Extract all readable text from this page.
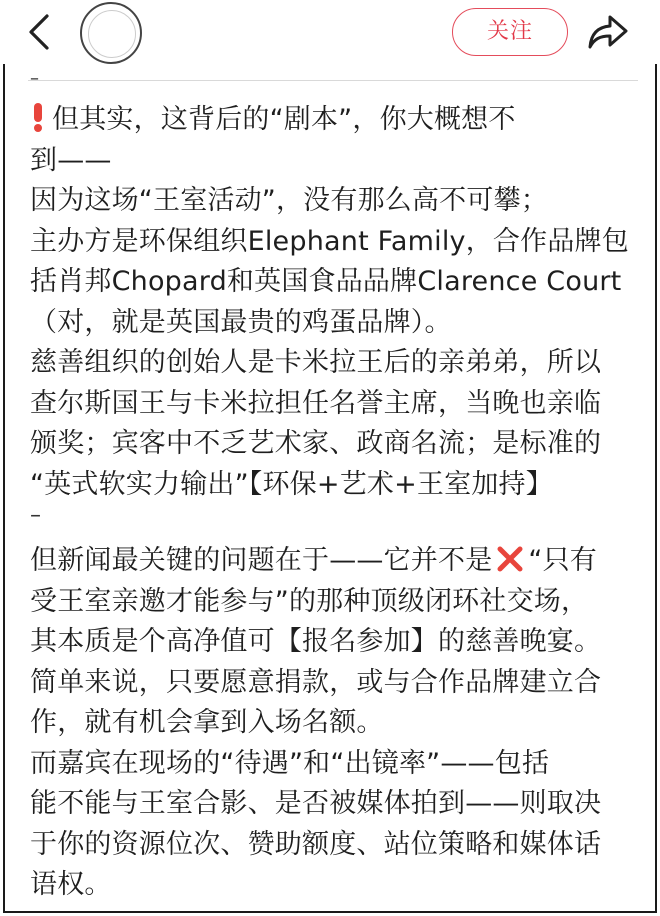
关注
–
但其实，这背后的“剧本”，你大概想不
到——
因为这场“王室活动”，没有那么高不可攀；
主办方是环保组织Elephant Family，合作品牌包
括肖邦Chopard和英国食品品牌Clarence Court
（对，就是英国最贵的鸡蛋品牌）。
慈善组织的创始人是卡米拉王后的亲弟弟，所以
查尔斯国王与卡米拉担任名誉主席，当晚也亲临
颁奖；宾客中不乏艺术家、政商名流；是标准的
“英式软实力输出”【环保+艺术+王室加持】
–
但新闻最关键的问题在于——它并不是 “只有
受王室亲邀才能参与”的那种顶级闭环社交场，
其本质是个高净值可【报名参加】的慈善晚宴。
简单来说，只要愿意捐款，或与合作品牌建立合
作，就有机会拿到入场名额。
而嘉宾在现场的“待遇”和“出镜率”——包括
能不能与王室合影、是否被媒体拍到——则取决
于你的资源位次、赞助额度、站位策略和媒体话
语权。
